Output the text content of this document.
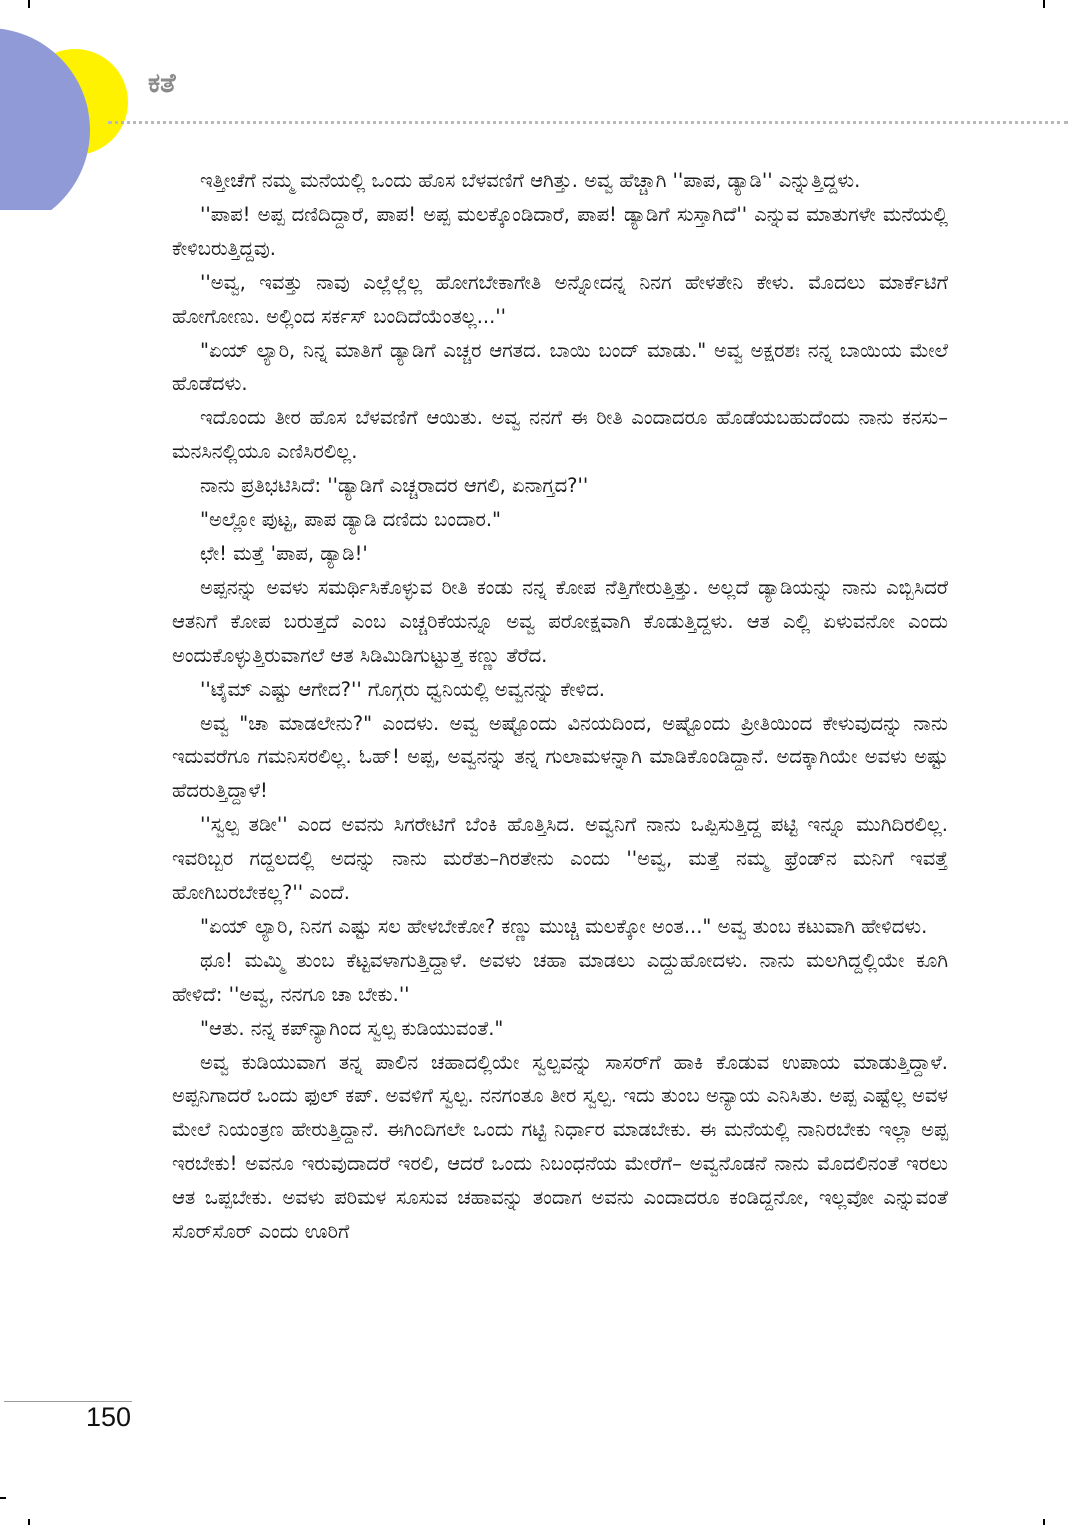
ಕತೆ

ಇತ್ತೀಚೆಗೆ ನಮ್ಮ ಮನೆಯಲ್ಲಿ ಒಂದು ಹೊಸ ಬೆಳವಣಿಗೆ ಆಗಿತ್ತು. ಅವ್ವ ಹೆಚ್ಚಾಗಿ ''ಪಾಪ, ಡ್ಯಾಡಿ'' ಎನ್ನುತ್ತಿದ್ದಳು.

''ಪಾಪ! ಅಪ್ಪ ದಣಿದಿದ್ದಾರೆ, ಪಾಪ! ಅಪ್ಪ ಮಲಕ್ಕೊಂಡಿದಾರೆ, ಪಾಪ! ಡ್ಯಾಡಿಗೆ ಸುಸ್ತಾಗಿದೆ'' ಎನ್ನುವ ಮಾತುಗಳೇ ಮನೆಯಲ್ಲಿ ಕೇಳಿಬರುತ್ತಿದ್ದವು.

''ಅವ್ವ, ಇವತ್ತು ನಾವು ಎಲ್ಲೆಲ್ಲೆಲ್ಲ ಹೋಗಬೇಕಾಗೇತಿ ಅನ್ನೋದನ್ನ ನಿನಗ ಹೇಳತೇನಿ ಕೇಳು. ಮೊದಲು ಮಾರ್ಕೆಟಿಗೆ ಹೋಗೋಣು. ಅಲ್ಲಿಂದ ಸರ್ಕಸ್ ಬಂದಿದೆಯೆಂತಲ್ಲ...''

"ಏಯ್ ಲ್ಯಾರಿ, ನಿನ್ನ ಮಾತಿಗೆ ಡ್ಯಾಡಿಗೆ ಎಚ್ಚರ ಆಗತದ. ಬಾಯಿ ಬಂದ್ ಮಾಡು." ಅವ್ವ ಅಕ್ಷರಶಃ ನನ್ನ ಬಾಯಿಯ ಮೇಲೆ ಹೊಡೆದಳು.

ಇದೊಂದು ತೀರ ಹೊಸ ಬೆಳವಣಿಗೆ ಆಯಿತು. ಅವ್ವ ನನಗೆ ಈ ರೀತಿ ಎಂದಾದರೂ ಹೊಡೆಯಬಹುದೆಂದು ನಾನು ಕನಸು–ಮನಸಿನಲ್ಲಿಯೂ ಎಣಿಸಿರಲಿಲ್ಲ.

ನಾನು ಪ್ರತಿಭಟಿಸಿದೆ: ''ಡ್ಯಾಡಿಗೆ ಎಚ್ಚರಾದರ ಆಗಲಿ, ಏನಾಗ್ತದ?''

"ಅಲ್ಲೋ ಪುಟ್ಟ, ಪಾಪ ಡ್ಯಾಡಿ ದಣಿದು ಬಂದಾರ."

ಛೇ! ಮತ್ತೆ 'ಪಾಪ, ಡ್ಯಾಡಿ!'

ಅಪ್ಪನನ್ನು ಅವಳು ಸಮರ್ಥಿಸಿಕೊಳ್ಳುವ ರೀತಿ ಕಂಡು ನನ್ನ ಕೋಪ ನೆತ್ತಿಗೇರುತ್ತಿತ್ತು. ಅಲ್ಲದೆ ಡ್ಯಾಡಿಯನ್ನು ನಾನು ಎಬ್ಬಿಸಿದರೆ ಆತನಿಗೆ ಕೋಪ ಬರುತ್ತದೆ ಎಂಬ ಎಚ್ಚರಿಕೆಯನ್ನೂ ಅವ್ವ ಪರೋಕ್ಷವಾಗಿ ಕೊಡುತ್ತಿದ್ದಳು. ಆತ ಎಲ್ಲಿ ಏಳುವನೋ ಎಂದು ಅಂದುಕೊಳ್ಳುತ್ತಿರುವಾಗಲೆ ಆತ ಸಿಡಿಮಿಡಿಗುಟ್ಟುತ್ತ ಕಣ್ಣು ತೆರೆದ.

''ಟೈಮ್ ಎಷ್ಟು ಆಗೇದ?'' ಗೊಗ್ಗರು ಧ್ವನಿಯಲ್ಲಿ ಅವ್ವನನ್ನು ಕೇಳಿದ.

ಅವ್ವ "ಚಾ ಮಾಡಲೇನು?" ಎಂದಳು. ಅವ್ವ ಅಷ್ಟೊಂದು ವಿನಯದಿಂದ, ಅಷ್ಟೊಂದು ಪ್ರೀತಿಯಿಂದ ಕೇಳುವುದನ್ನು ನಾನು ಇದುವರೆಗೂ ಗಮನಿಸರಲಿಲ್ಲ. ಓಹ್! ಅಪ್ಪ, ಅವ್ವನನ್ನು ತನ್ನ ಗುಲಾಮಳನ್ನಾಗಿ ಮಾಡಿಕೊಂಡಿದ್ದಾನೆ. ಅದಕ್ಕಾಗಿಯೇ ಅವಳು ಅಷ್ಟು ಹೆದರುತ್ತಿದ್ದಾಳೆ!

''ಸ್ವಲ್ಪ ತಡೀ'' ಎಂದ ಅವನು ಸಿಗರೇಟಿಗೆ ಬೆಂಕಿ ಹೊತ್ತಿಸಿದ. ಅವ್ವನಿಗೆ ನಾನು ಒಪ್ಪಿಸುತ್ತಿದ್ದ ಪಟ್ಟಿ ಇನ್ನೂ ಮುಗಿದಿರಲಿಲ್ಲ. ಇವರಿಬ್ಬರ ಗದ್ದಲದಲ್ಲಿ ಅದನ್ನು ನಾನು ಮರೆತು–ಗಿರತೇನು ಎಂದು ''ಅವ್ವ, ಮತ್ತೆ ನಮ್ಮ ಫ್ರೆಂಡ್‌ನ ಮನಿಗೆ ಇವತ್ತೆ ಹೋಗಿಬರಬೇಕಲ್ಲ?'' ಎಂದೆ.

"ಏಯ್ ಲ್ಯಾರಿ, ನಿನಗ ಎಷ್ಟು ಸಲ ಹೇಳಬೇಕೋ? ಕಣ್ಣು ಮುಚ್ಚಿ ಮಲಕ್ಕೋ ಅಂತ..." ಅವ್ವ ತುಂಬ ಕಟುವಾಗಿ ಹೇಳಿದಳು.

ಥೂ! ಮಮ್ಮಿ ತುಂಬ ಕೆಟ್ಟವಳಾಗುತ್ತಿದ್ದಾಳೆ. ಅವಳು ಚಹಾ ಮಾಡಲು ಎದ್ದುಹೋದಳು. ನಾನು ಮಲಗಿದ್ದಲ್ಲಿಯೇ ಕೂಗಿ ಹೇಳಿದೆ: ''ಅವ್ವ, ನನಗೂ ಚಾ ಬೇಕು.''

"ಆತು. ನನ್ನ ಕಪ್‌ನ್ಯಾಗಿಂದ ಸ್ವಲ್ಪ ಕುಡಿಯುವಂತೆ."

ಅವ್ವ ಕುಡಿಯುವಾಗ ತನ್ನ ಪಾಲಿನ ಚಹಾದಲ್ಲಿಯೇ ಸ್ವಲ್ಪವನ್ನು ಸಾಸರ್‌ಗೆ ಹಾಕಿ ಕೊಡುವ ಉಪಾಯ ಮಾಡುತ್ತಿದ್ದಾಳೆ. ಅಪ್ಪನಿಗಾದರೆ ಒಂದು ಫುಲ್ ಕಪ್. ಅವಳಿಗೆ ಸ್ವಲ್ಪ. ನನಗಂತೂ ತೀರ ಸ್ವಲ್ಪ. ಇದು ತುಂಬ ಅನ್ಯಾಯ ಎನಿಸಿತು. ಅಪ್ಪ ಎಷ್ಟೆಲ್ಲ ಅವಳ ಮೇಲೆ ನಿಯಂತ್ರಣ ಹೇರುತ್ತಿದ್ದಾನೆ. ಈಗಿಂದಿಗಲೇ ಒಂದು ಗಟ್ಟಿ ನಿರ್ಧಾರ ಮಾಡಬೇಕು. ಈ ಮನೆಯಲ್ಲಿ ನಾನಿರಬೇಕು ಇಲ್ಲಾ ಅಪ್ಪ ಇರಬೇಕು! ಅವನೂ ಇರುವುದಾದರೆ ಇರಲಿ, ಆದರೆ ಒಂದು ನಿಬಂಧನೆಯ ಮೇರೆಗೆ– ಅವ್ವನೊಡನೆ ನಾನು ಮೊದಲಿನಂತೆ ಇರಲು ಆತ ಒಪ್ಪಬೇಕು. ಅವಳು ಪರಿಮಳ ಸೂಸುವ ಚಹಾವನ್ನು ತಂದಾಗ ಅವನು ಎಂದಾದರೂ ಕಂಡಿದ್ದನೋ, ಇಲ್ಲವೋ ಎನ್ನುವಂತೆ ಸೊರ್‌ಸೊರ್ ಎಂದು ಊರಿಗೆ

150
